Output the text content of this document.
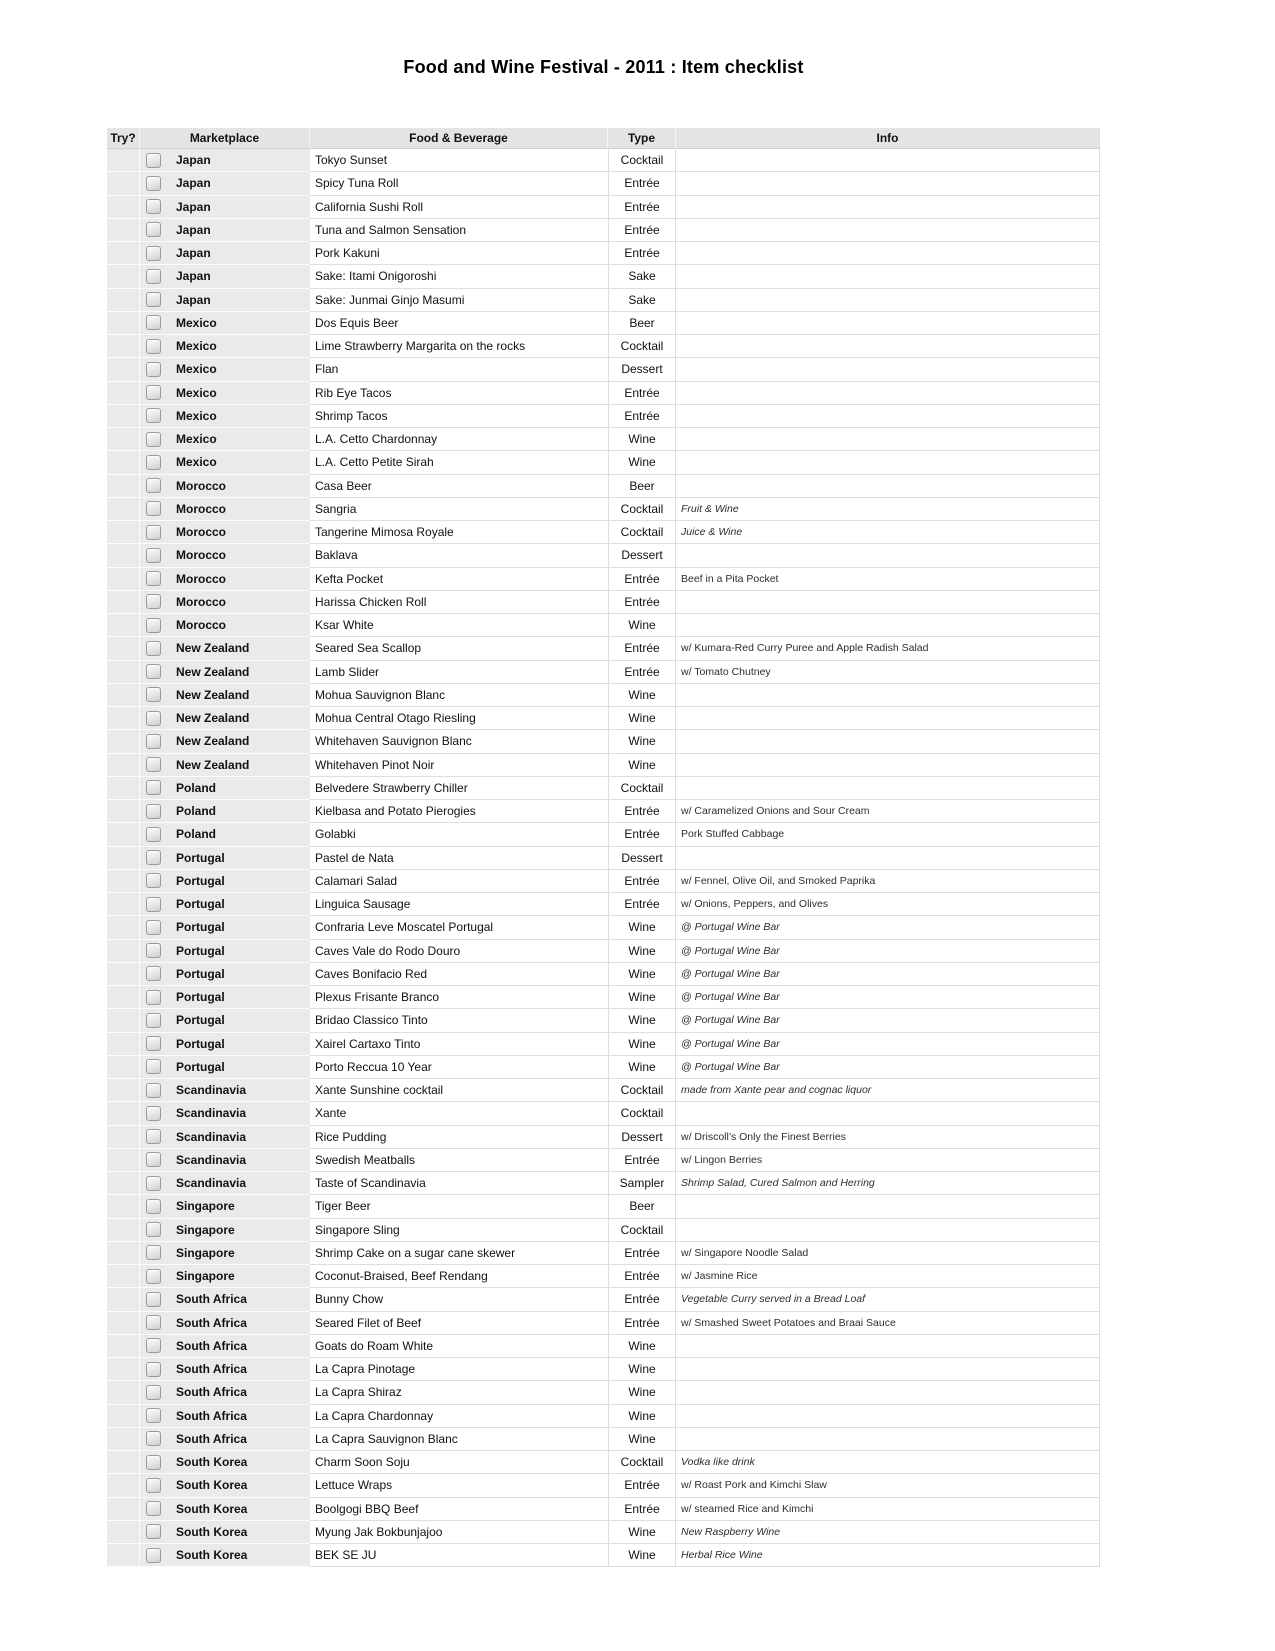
Food and Wine Festival - 2011 : Item checklist
Try?	Marketplace	Food & Beverage	Type	Info
Japan	Tokyo Sunset	Cocktail
Japan	Spicy Tuna Roll	Entrée
Japan	California Sushi Roll	Entrée
Japan	Tuna and Salmon Sensation	Entrée
Japan	Pork Kakuni	Entrée
Japan	Sake: Itami Onigoroshi	Sake
Japan	Sake: Junmai Ginjo Masumi	Sake
Mexico	Dos Equis Beer	Beer
Mexico	Lime Strawberry Margarita on the rocks	Cocktail
Mexico	Flan	Dessert
Mexico	Rib Eye Tacos	Entrée
Mexico	Shrimp Tacos	Entrée
Mexico	L.A. Cetto Chardonnay	Wine
Mexico	L.A. Cetto Petite Sirah	Wine
Morocco	Casa Beer	Beer
Morocco	Sangria	Cocktail	Fruit & Wine
Morocco	Tangerine Mimosa Royale	Cocktail	Juice & Wine
Morocco	Baklava	Dessert
Morocco	Kefta Pocket	Entrée	Beef in a Pita Pocket
Morocco	Harissa Chicken Roll	Entrée
Morocco	Ksar White	Wine
New Zealand	Seared Sea Scallop	Entrée	w/ Kumara-Red Curry Puree and Apple Radish Salad
New Zealand	Lamb Slider	Entrée	w/ Tomato Chutney
New Zealand	Mohua Sauvignon Blanc	Wine
New Zealand	Mohua Central Otago Riesling	Wine
New Zealand	Whitehaven Sauvignon Blanc	Wine
New Zealand	Whitehaven Pinot Noir	Wine
Poland	Belvedere Strawberry Chiller	Cocktail
Poland	Kielbasa and Potato Pierogies	Entrée	w/ Caramelized Onions and Sour Cream
Poland	Golabki	Entrée	Pork Stuffed Cabbage
Portugal	Pastel de Nata	Dessert
Portugal	Calamari Salad	Entrée	w/ Fennel, Olive Oil, and Smoked Paprika
Portugal	Linguica Sausage	Entrée	w/ Onions, Peppers, and Olives
Portugal	Confraria Leve Moscatel Portugal	Wine	@ Portugal Wine Bar
Portugal	Caves Vale do Rodo Douro	Wine	@ Portugal Wine Bar
Portugal	Caves Bonifacio Red	Wine	@ Portugal Wine Bar
Portugal	Plexus Frisante Branco	Wine	@ Portugal Wine Bar
Portugal	Bridao Classico Tinto	Wine	@ Portugal Wine Bar
Portugal	Xairel Cartaxo Tinto	Wine	@ Portugal Wine Bar
Portugal	Porto Reccua 10 Year	Wine	@ Portugal Wine Bar
Scandinavia	Xante Sunshine cocktail	Cocktail	made from Xante pear and cognac liquor
Scandinavia	Xante	Cocktail
Scandinavia	Rice Pudding	Dessert	w/ Driscoll’s Only the Finest Berries
Scandinavia	Swedish Meatballs	Entrée	w/ Lingon Berries
Scandinavia	Taste of Scandinavia	Sampler	Shrimp Salad, Cured Salmon and Herring
Singapore	Tiger Beer	Beer
Singapore	Singapore Sling	Cocktail
Singapore	Shrimp Cake on a sugar cane skewer	Entrée	w/ Singapore Noodle Salad
Singapore	Coconut-Braised, Beef Rendang	Entrée	w/ Jasmine Rice
South Africa	Bunny Chow	Entrée	Vegetable Curry served in a Bread Loaf
South Africa	Seared Filet of Beef	Entrée	w/ Smashed Sweet Potatoes and Braai Sauce
South Africa	Goats do Roam White	Wine
South Africa	La Capra Pinotage	Wine
South Africa	La Capra Shiraz	Wine
South Africa	La Capra Chardonnay	Wine
South Africa	La Capra Sauvignon Blanc	Wine
South Korea	Charm Soon Soju	Cocktail	Vodka like drink
South Korea	Lettuce Wraps	Entrée	w/ Roast Pork and Kimchi Slaw
South Korea	Boolgogi BBQ Beef	Entrée	w/ steamed Rice and Kimchi
South Korea	Myung Jak Bokbunjajoo	Wine	New Raspberry Wine
South Korea	BEK SE JU	Wine	Herbal Rice Wine
